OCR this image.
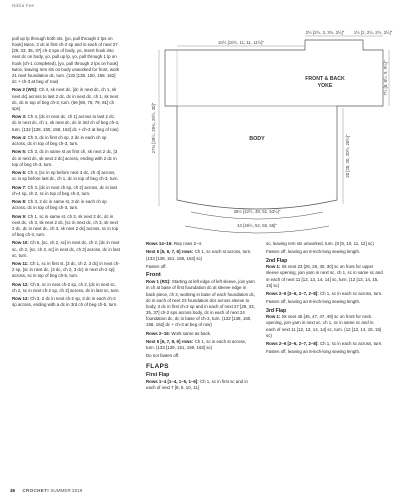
Nikita Fee
10½ [10½, 11, 11, 11½]"
2½ [2½, 3, 3½, 3½]" 1½ [2, 2½, 2½, 3½]"
FRONT & BACK
YOKE
BODY
27¾ [28½, 28¾, 29½, 30]"
20 [20, 20, 20½, 20½]"
7½ [8, 8½, 9, 9½]"
39½ [42½, 48, 51, 53½]"
43 [46½, 52, 55, 58]"

pull up lp through both sts, [yo, pull through 2 lps on hook] twice, 3 dc in first ch-2 sp and in each of next 27 [29, 33, 35, 37] ch-2 sps of body, yo, insert hook into next dc on body, yo, pull up lp, yo, pull through 1 lp on hook (ch-1 completed), [yo, pull through 2 lps on hook] twice, leaving rem sts on body unworked for front, work 21 next foundation dc, turn. (132 [138, 150, 158, 162] dc + ch-3 at beg of row)

Row 2 (WS): Ch 4, sk next dc, [dc in next dc, ch 1, sk next dc] across to last 2 dc, dc in next dc, ch 1, sk next dc, dc in top of beg ch-3, turn. (66 [69, 75, 79, 81] ch sps)

Row 3: Ch 4, [dc in next dc, ch 1] across to last 2 dc, dc in next dc, ch 1, sk next dc, dc in 3rd ch of beg ch-4, turn. (132 [138, 150, 158, 162] dc + ch-3 at beg of row)

Row 4: Ch 3, dc in first ch sp, 2 dc in each ch sp across, dc in top of beg ch-3, turn.

Row 5: Ch 3, dc in same st as first ch, sk next 2 dc, [3 dc in next dc, sk next 2 dc] across, ending with 2 dc in top of beg ch-3, turn.

Row 6: Ch 4, [sc in sp before next 3 dc, ch 4] across, sc in sp before last dc, ch 1, dc in top of beg ch-3, turn.

Row 7: Ch 3, [dc in next ch sp, ch 2] across, dc in last ch-4 sp, ch 2, sc in top of beg ch-3, turn.

Row 8: Ch 3, 2 dc in same st, 3 dc in each ch sp across, dc in top of beg ch-3, turn.

Row 9: Ch 1, sc in same st, ch 3, sk next 2 dc, dc in next dc, ch 3, sk next 2 dc, [sc in next dc, ch 3, sk next 2 dc, dc in next dc, ch 3, sk next 2 dc] across, sc in top of beg ch-3, turn.

Row 10: Ch 5, [sc, ch 2, sc] in next dc, ch 2, [dc in next sc, ch 2, [sc, ch 2, sc] in next dc, ch 2] across, dc in last sc, turn.

Row 11: Ch 1, sc in first st, [3 dc, ch 2, 3 dc] in next ch-2 sp, [sc in next dc, (3 dc, ch 2, 3 dc) in next ch-2 sp] across, sc in top of beg ch-5, turn.

Row 12: Ch 5, sc in next ch-2 sp, ch 2, [dc in next sc, ch 2, sc in next ch-2 sp, ch 2] across, dc in last sc, turn.

Row 13: Ch 3, 2 dc in next ch-2 sp, 3 dc in each ch-2 sp across, ending with a dc in 3rd ch of beg ch-5, turn.

Rows 14–16: Rep rows 2–4.

Next 5 [6, 6, 7, 8] rows: Ch 1, sc each st across, turn. (133 [139, 151, 159, 163] sc)

Fasten off.

Front

Row 1 (RS): Starting at left edge of left sleeve, join yarn in ch at base of first foundation dc at sleeve edge in back piece, ch 3, working in base of each foundation dc, dc in each of next 23 foundation dcs across sleeve to body, 3 dc in first ch-2 sp and in each of next 27 [29, 33, 35, 37] ch-2 sps across body, dc in each of next 24 foundation dc, dc in base of ch-3, turn. (132 [138, 150, 158, 162] dc + ch-3 at beg of row)

Rows 2–16: Work same as back.

Next 5 [6, 7, 8, 9] rows: Ch 1, sc in each st across, turn. (133 [139, 151, 159, 163] sc)

Do not fasten off.

FLAPS
First Flap

Rows 1–4 [1–4, 1–5, 1–6]: Ch 1, sc in first sc and in each of next 7 [8, 9, 10, 11]

sc, leaving rem sts unworked, turn. (8 [9, 10, 11, 12] sc)

Fasten off, leaving an 8-inch-long sewing length.

2nd Flap

Row 1: Sk next 23 [25, 28, 30, 30] sc on front for upper sleeve opening, join yarn in next sc, ch 1, sc in same sc and in each of next 11 [12, 13, 14, 14] sc, turn. (12 [13, 14, 15, 15] sc)

Rows 2–6 [2–6, 2–7, 2–8]: Ch 1, sc in each sc across, turn.

Fasten off, leaving an 8-inch-long sewing length.

3rd Flap

Row 1: Sk next 45 [45, 47, 47, 49] sc on front for neck opening, join yarn in next sc, ch 1, sc in same sc and in each of next 11 [12, 13, 14, 14] sc, turn. (12 [13, 14, 15, 15] sc)

Rows 2–6 [2–6, 2–7, 2–8]: Ch 1, sc in each sc across, turn.

Fasten off, leaving an 8-inch-long sewing length.

36 CROCHET! SUMMER 2019
